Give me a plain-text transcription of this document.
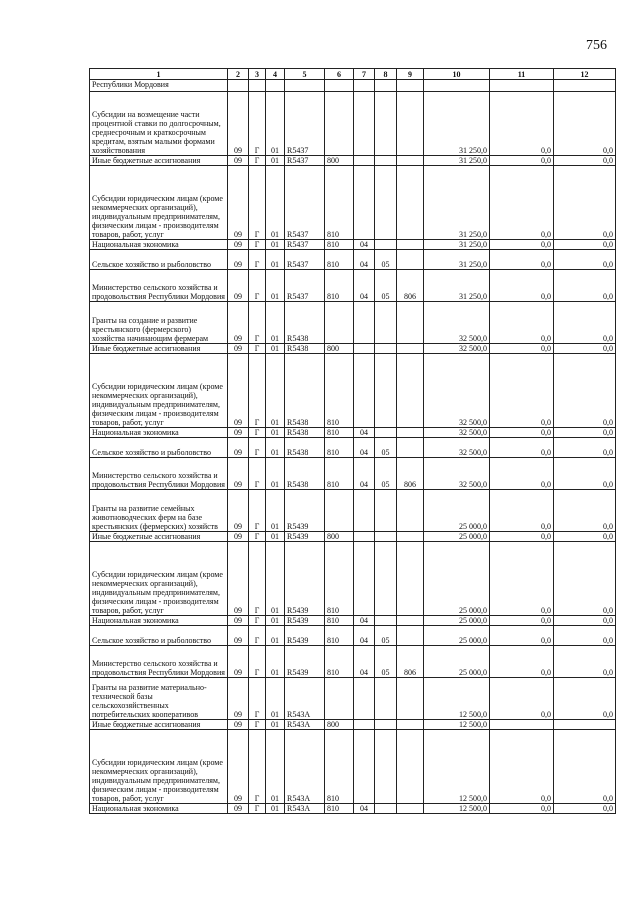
756
1	2	3	4	5	6	7	8	9	10	11	12
Республики Мордовия											
Субсидии на возмещение части процентной ставки по долгосрочным, среднесрочным и краткосрочным кредитам, взятым малыми формами хозяйствования	09	Г	01	R5437					31 250,0	0,0	0,0
Иные бюджетные ассигнования	09	Г	01	R5437	800				31 250,0	0,0	0,0
Субсидии юридическим лицам (кроме некоммерческих организаций), индивидуальным предпринимателям, физическим лицам - производителям товаров, работ, услуг	09	Г	01	R5437	810				31 250,0	0,0	0,0
Национальная экономика	09	Г	01	R5437	810	04			31 250,0	0,0	0,0
Сельское хозяйство и рыболовство	09	Г	01	R5437	810	04	05		31 250,0	0,0	0,0
Министерство сельского хозяйства и продовольствия Республики Мордовия	09	Г	01	R5437	810	04	05	806	31 250,0	0,0	0,0
Гранты на создание и развитие крестьянского (фермерского) хозяйства начинающим фермерам	09	Г	01	R5438					32 500,0	0,0	0,0
Иные бюджетные ассигнования	09	Г	01	R5438	800				32 500,0	0,0	0,0
Субсидии юридическим лицам (кроме некоммерческих организаций), индивидуальным предпринимателям, физическим лицам - производителям товаров, работ, услуг	09	Г	01	R5438	810				32 500,0	0,0	0,0
Национальная экономика	09	Г	01	R5438	810	04			32 500,0	0,0	0,0
Сельское хозяйство и рыболовство	09	Г	01	R5438	810	04	05		32 500,0	0,0	0,0
Министерство сельского хозяйства и продовольствия Республики Мордовия	09	Г	01	R5438	810	04	05	806	32 500,0	0,0	0,0
Гранты на развитие семейных животноводческих ферм на базе крестьянских (фермерских) хозяйств	09	Г	01	R5439					25 000,0	0,0	0,0
Иные бюджетные ассигнования	09	Г	01	R5439	800				25 000,0	0,0	0,0
Субсидии юридическим лицам (кроме некоммерческих организаций), индивидуальным предпринимателям, физическим лицам - производителям товаров, работ, услуг	09	Г	01	R5439	810				25 000,0	0,0	0,0
Национальная экономика	09	Г	01	R5439	810	04			25 000,0	0,0	0,0
Сельское хозяйство и рыболовство	09	Г	01	R5439	810	04	05		25 000,0	0,0	0,0
Министерство сельского хозяйства и продовольствия Республики Мордовия	09	Г	01	R5439	810	04	05	806	25 000,0	0,0	0,0
Гранты на развитие материально-технической базы сельскохозяйственных потребительских кооперативов	09	Г	01	R543A					12 500,0	0,0	0,0
Иные бюджетные ассигнования	09	Г	01	R543A	800				12 500,0		
Субсидии юридическим лицам (кроме некоммерческих организаций), индивидуальным предпринимателям, физическим лицам - производителям товаров, работ, услуг	09	Г	01	R543A	810				12 500,0	0,0	0,0
Национальная экономика	09	Г	01	R543A	810	04			12 500,0	0,0	0,0
